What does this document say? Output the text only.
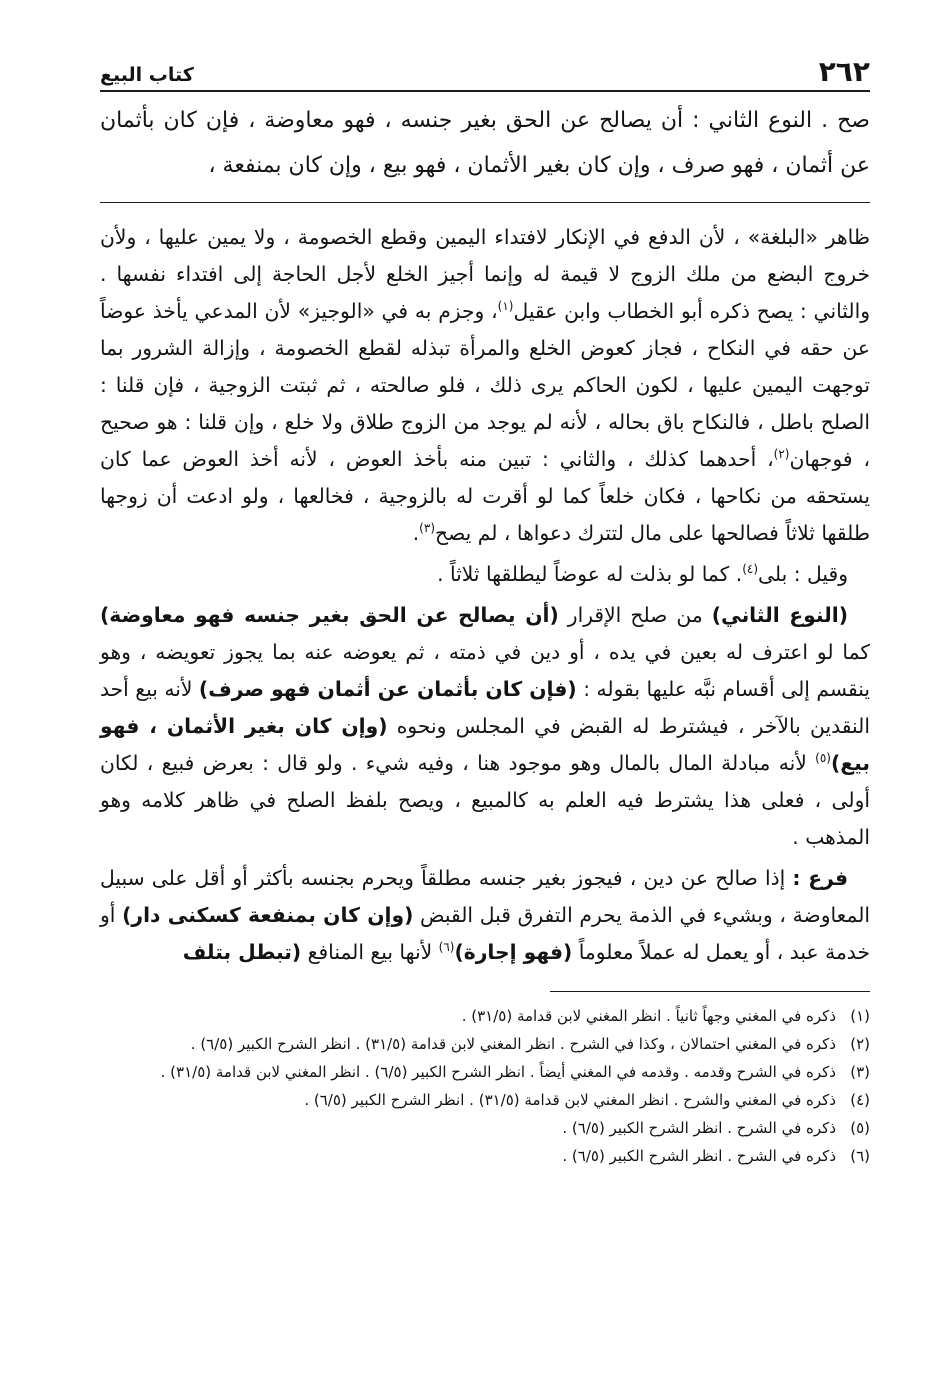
٢٦٢
كتاب البيع
صح . النوع الثاني : أن يصالح عن الحق بغير جنسه ، فهو معاوضة ، فإن كان بأثمان عن أثمان ، فهو صرف ، وإن كان بغير الأثمان ، فهو بيع ، وإن كان بمنفعة ،

ظاهر «البلغة» ، لأن الدفع في الإنكار لافتداء اليمين وقطع الخصومة ، ولا يمين عليها ، ولأن خروج البضع من ملك الزوج لا قيمة له وإنما أجيز الخلع لأجل الحاجة إلى افتداء نفسها . والثاني : يصح ذكره أبو الخطاب وابن عقيل$^{(١)}$، وجزم به في «الوجيز» لأن المدعي يأخذ عوضاً عن حقه في النكاح ، فجاز كعوض الخلع والمرأة تبذله لقطع الخصومة ، وإزالة الشرور بما توجهت اليمين عليها ، لكون الحاكم يرى ذلك ، فلو صالحته ، ثم ثبتت الزوجية ، فإن قلنا : الصلح باطل ، فالنكاح باق بحاله ، لأنه لم يوجد من الزوج طلاق ولا خلع ، وإن قلنا : هو صحيح ، فوجهان$^{(٢)}$، أحدهما كذلك ، والثاني : تبين منه بأخذ العوض ، لأنه أخذ العوض عما كان يستحقه من نكاحها ، فكان خلعاً كما لو أقرت له بالزوجية ، فخالعها ، ولو ادعت أن زوجها طلقها ثلاثاً فصالحها على مال لتترك دعواها ، لم يصح$^{(٣)}$.

وقيل : بلى$^{(٤)}$. كما لو بذلت له عوضاً ليطلقها ثلاثاً .

(النوع الثاني) من صلح الإقرار (أن يصالح عن الحق بغير جنسه فهو معاوضة) كما لو اعترف له بعين في يده ، أو دين في ذمته ، ثم يعوضه عنه بما يجوز تعويضه ، وهو ينقسم إلى أقسام نبَّه عليها بقوله : (فإن كان بأثمان عن أثمان فهو صرف) لأنه بيع أحد النقدين بالآخر ، فيشترط له القبض في المجلس ونحوه (وإن كان بغير الأثمان ، فهو بيع)$^{(٥)}$ لأنه مبادلة المال بالمال وهو موجود هنا ، وفيه شيء . ولو قال : بعرض فبيع ، لكان أولى ، فعلى هذا يشترط فيه العلم به كالمبيع ، ويصح بلفظ الصلح في ظاهر كلامه وهو المذهب .

فرع : إذا صالح عن دين ، فيجوز بغير جنسه مطلقاً ويحرم بجنسه بأكثر أو أقل على سبيل المعاوضة ، وبشيء في الذمة يحرم التفرق قبل القبض (وإن كان بمنفعة كسكنى دار) أو خدمة عبد ، أو يعمل له عملاً معلوماً (فهو إجارة)$^{(٦)}$ لأنها بيع المنافع (تبطل بتلف

(١)
ذكره في المغني وجهاً ثانياً . انظر المغني لابن قدامة (٣١/٥) .
(٢)
ذكره في المغني احتمالان ، وكذا في الشرح . انظر المغني لابن قدامة (٣١/٥) . انظر الشرح الكبير (٦/٥) .
(٣)
ذكره في الشرح وقدمه . وقدمه في المغني أيضاً . انظر الشرح الكبير (٦/٥) . انظر المغني لابن قدامة (٣١/٥) .
(٤)
ذكره في المغني والشرح . انظر المغني لابن قدامة (٣١/٥) . انظر الشرح الكبير (٦/٥) .
(٥)
ذكره في الشرح . انظر الشرح الكبير (٦/٥) .
(٦)
ذكره في الشرح . انظر الشرح الكبير (٦/٥) .
